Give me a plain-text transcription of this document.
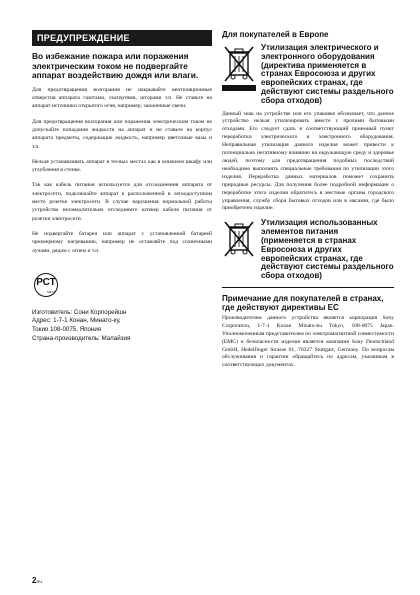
ПРЕДУПРЕЖДЕНИЕ
Во избежание пожара или поражения электрическим током не подвергайте аппарат воздействию дождя или влаги.

Для предотвращения возгорания не накрывайте вентиляционные отверстия аппарата газетами, скатертями, шторами т.п. Не ставьте на аппарат источники открытого огня, например, зажженные свечи.

Для предотвращения возгорания или поражения электрическим током не допускайте попадания жидкости на аппарат и не ставьте на корпус аппарата предметы, содержащие жидкость, например цветочные вазы и т.п.

Нельзя устанавливать аппарат в тесных местах как в книжном шкафу или углубления в стенке.

Так как кабель питания используется для отсоединения аппарата от электросети, подключайте аппарат к расположенной в легкодоступном месте розетке электросети. В случае нарушения нормальной работы устройства незамедлительно отсоедините штекер кабеля питания от розетки электросети.

Не подвергайте батареи или аппарат с установленной батареей чрезмерному нагреванию, например не оставляйте под солнечными лучами, рядом с огнем и т.п.

РСТ
МЕ77
Изготовитель: Сони Корпорейшн
Адрес: 1-7-1 Конан, Минато-ку,
Токио 108-0075, Япония
Страна-производитель: Малайзия
Для покупателей в Европе
Утилизация электрического и электронного оборудования (директива применяется в странах Евросоюза и других европейских странах, где действуют системы раздельного сбора отходов)

Данный знак на устройстве или его упаковке обозначает, что данное устройство нельзя утилизировать вместе с прочими бытовыми отходами. Его следует сдать в соответствующий приемный пункт переработки электрического и электронного оборудования. Неправильная утилизация данного изделия может привести к потенциально негативному влиянию на окружающую среду и здоровье людей, поэтому для предотвращения подобных последствий необходимо выполнять специальные требования по утилизации этого изделия. Переработка данных материалов поможет сохранить природные ресурсы. Для получения более подробной информации о переработке этого изделия обратитесь в местные органы городского управления, службу сбора бытовых отходов или в магазин, где было приобретено изделие.

Утилизация использованных элементов питания (применяется в странах Евросоюза и других европейских странах, где действуют системы раздельного сбора отходов)
Примечание для покупателей в странах, где действуют директивы ЕС

Производителем данного устройства является корпорация Sony Corporation, 1-7-1 Konan Minato-ku Tokyo, 108-0075 Japan. Уполномоченным представителем по электромагнитной совместимости (ЕМС) и безопасности изделия является компания Sony Deutschland GmbH, Hedelfinger Strasse 61, 70327 Stuttgart, Germany. По вопросам обслуживания и гарантии обращайтесь по адресам, указанным в соответствующих документах.

2RU
